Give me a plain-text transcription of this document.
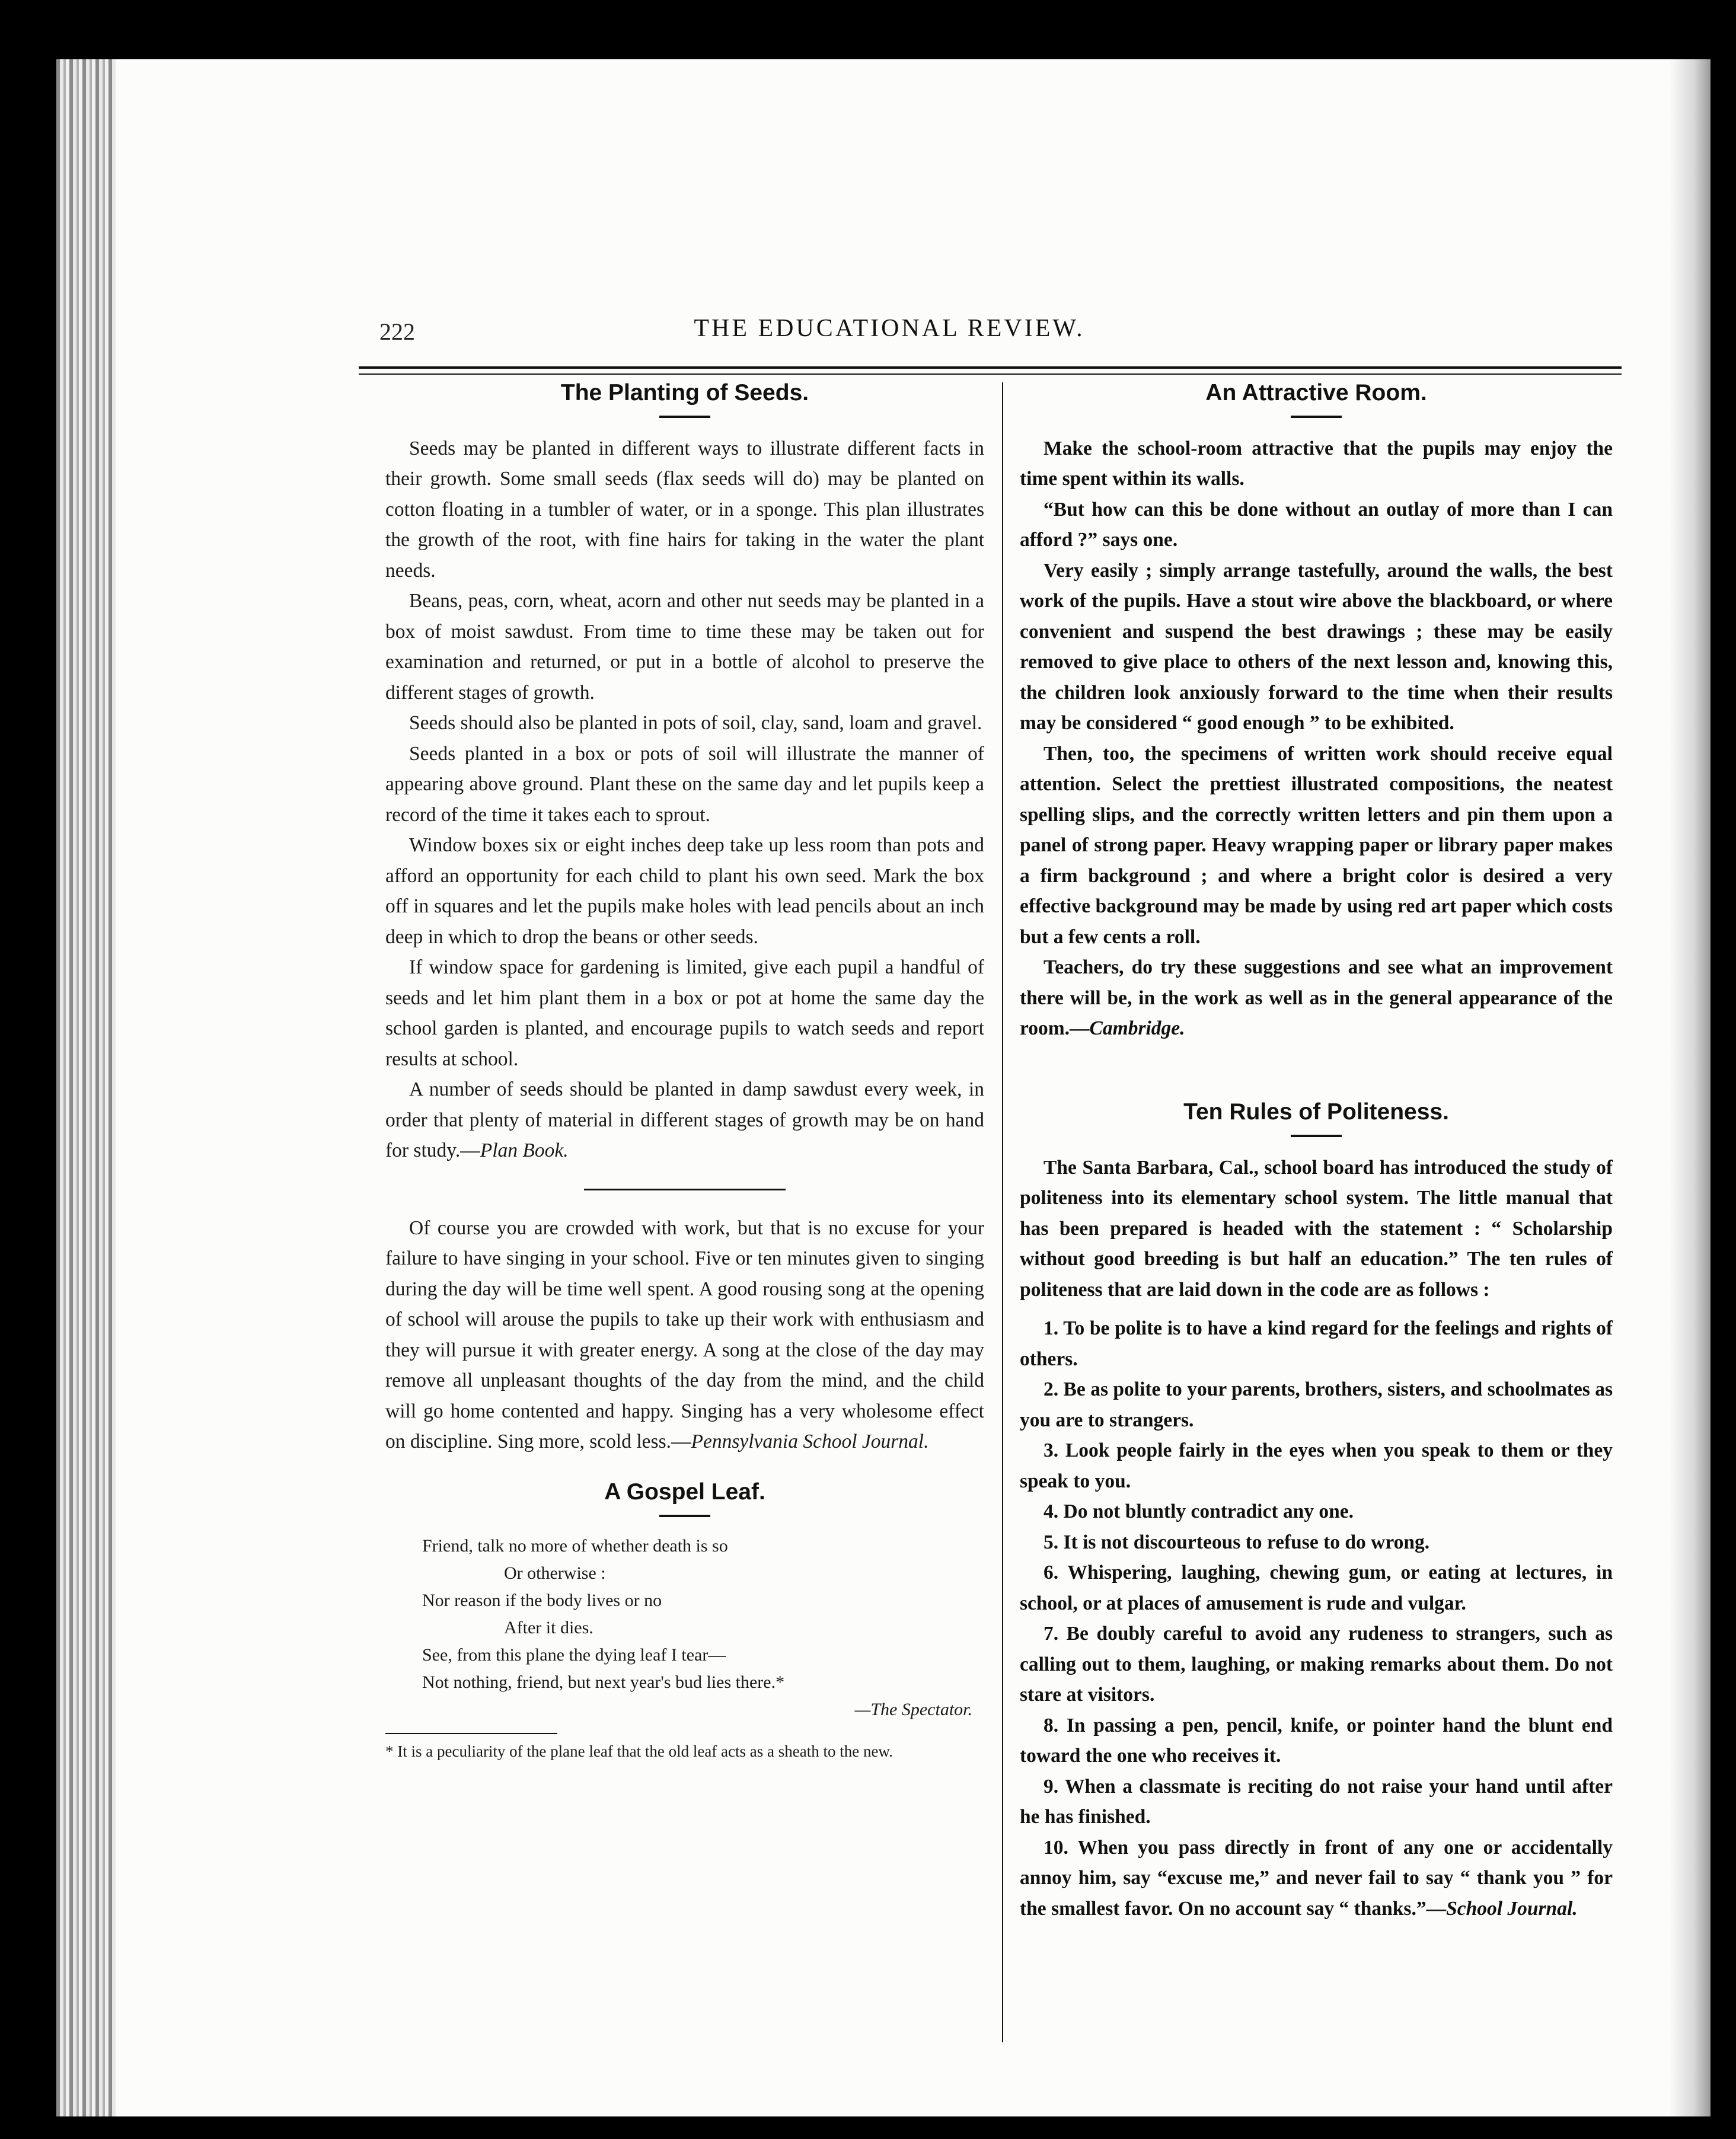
222	THE EDUCATIONAL REVIEW.
The Planting of Seeds.

Seeds may be planted in different ways to illustrate different facts in their growth. Some small seeds (flax seeds will do) may be planted on cotton floating in a tumbler of water, or in a sponge. This plan illustrates the growth of the root, with fine hairs for taking in the water the plant needs.

Beans, peas, corn, wheat, acorn and other nut seeds may be planted in a box of moist sawdust. From time to time these may be taken out for examination and returned, or put in a bottle of alcohol to preserve the different stages of growth.

Seeds should also be planted in pots of soil, clay, sand, loam and gravel.

Seeds planted in a box or pots of soil will illustrate the manner of appearing above ground. Plant these on the same day and let pupils keep a record of the time it takes each to sprout.

Window boxes six or eight inches deep take up less room than pots and afford an opportunity for each child to plant his own seed. Mark the box off in squares and let the pupils make holes with lead pencils about an inch deep in which to drop the beans or other seeds.

If window space for gardening is limited, give each pupil a handful of seeds and let him plant them in a box or pot at home the same day the school garden is planted, and encourage pupils to watch seeds and report results at school.

A number of seeds should be planted in damp sawdust every week, in order that plenty of material in different stages of growth may be on hand for study.—Plan Book.

Of course you are crowded with work, but that is no excuse for your failure to have singing in your school. Five or ten minutes given to singing during the day will be time well spent. A good rousing song at the opening of school will arouse the pupils to take up their work with enthusiasm and they will pursue it with greater energy. A song at the close of the day may remove all unpleasant thoughts of the day from the mind, and the child will go home contented and happy. Singing has a very wholesome effect on discipline. Sing more, scold less.—Pennsylvania School Journal.

A Gospel Leaf.
Friend, talk no more of whether death is so
Or otherwise :
Nor reason if the body lives or no
After it dies.
See, from this plane the dying leaf I tear—
Not nothing, friend, but next year's bud lies there.*
—The Spectator.
* It is a peculiarity of the plane leaf that the old leaf acts as a sheath to the new.
An Attractive Room.

Make the school-room attractive that the pupils may enjoy the time spent within its walls.

“But how can this be done without an outlay of more than I can afford ?” says one.

Very easily ; simply arrange tastefully, around the walls, the best work of the pupils. Have a stout wire above the blackboard, or where convenient and suspend the best drawings ; these may be easily removed to give place to others of the next lesson and, knowing this, the children look anxiously forward to the time when their results may be considered “ good enough ” to be exhibited.

Then, too, the specimens of written work should receive equal attention. Select the prettiest illustrated compositions, the neatest spelling slips, and the correctly written letters and pin them upon a panel of strong paper. Heavy wrapping paper or library paper makes a firm background ; and where a bright color is desired a very effective background may be made by using red art paper which costs but a few cents a roll.

Teachers, do try these suggestions and see what an improvement there will be, in the work as well as in the general appearance of the room.—Cambridge.

Ten Rules of Politeness.

The Santa Barbara, Cal., school board has introduced the study of politeness into its elementary school system. The little manual that has been prepared is headed with the statement : “ Scholarship without good breeding is but half an education.” The ten rules of politeness that are laid down in the code are as follows :

1. To be polite is to have a kind regard for the feelings and rights of others.

2. Be as polite to your parents, brothers, sisters, and schoolmates as you are to strangers.

3. Look people fairly in the eyes when you speak to them or they speak to you.

4. Do not bluntly contradict any one.

5. It is not discourteous to refuse to do wrong.

6. Whispering, laughing, chewing gum, or eating at lectures, in school, or at places of amusement is rude and vulgar.

7. Be doubly careful to avoid any rudeness to strangers, such as calling out to them, laughing, or making remarks about them. Do not stare at visitors.

8. In passing a pen, pencil, knife, or pointer hand the blunt end toward the one who receives it.

9. When a classmate is reciting do not raise your hand until after he has finished.

10. When you pass directly in front of any one or accidentally annoy him, say “excuse me,” and never fail to say “ thank you ” for the smallest favor. On no account say “ thanks.”—School Journal.
